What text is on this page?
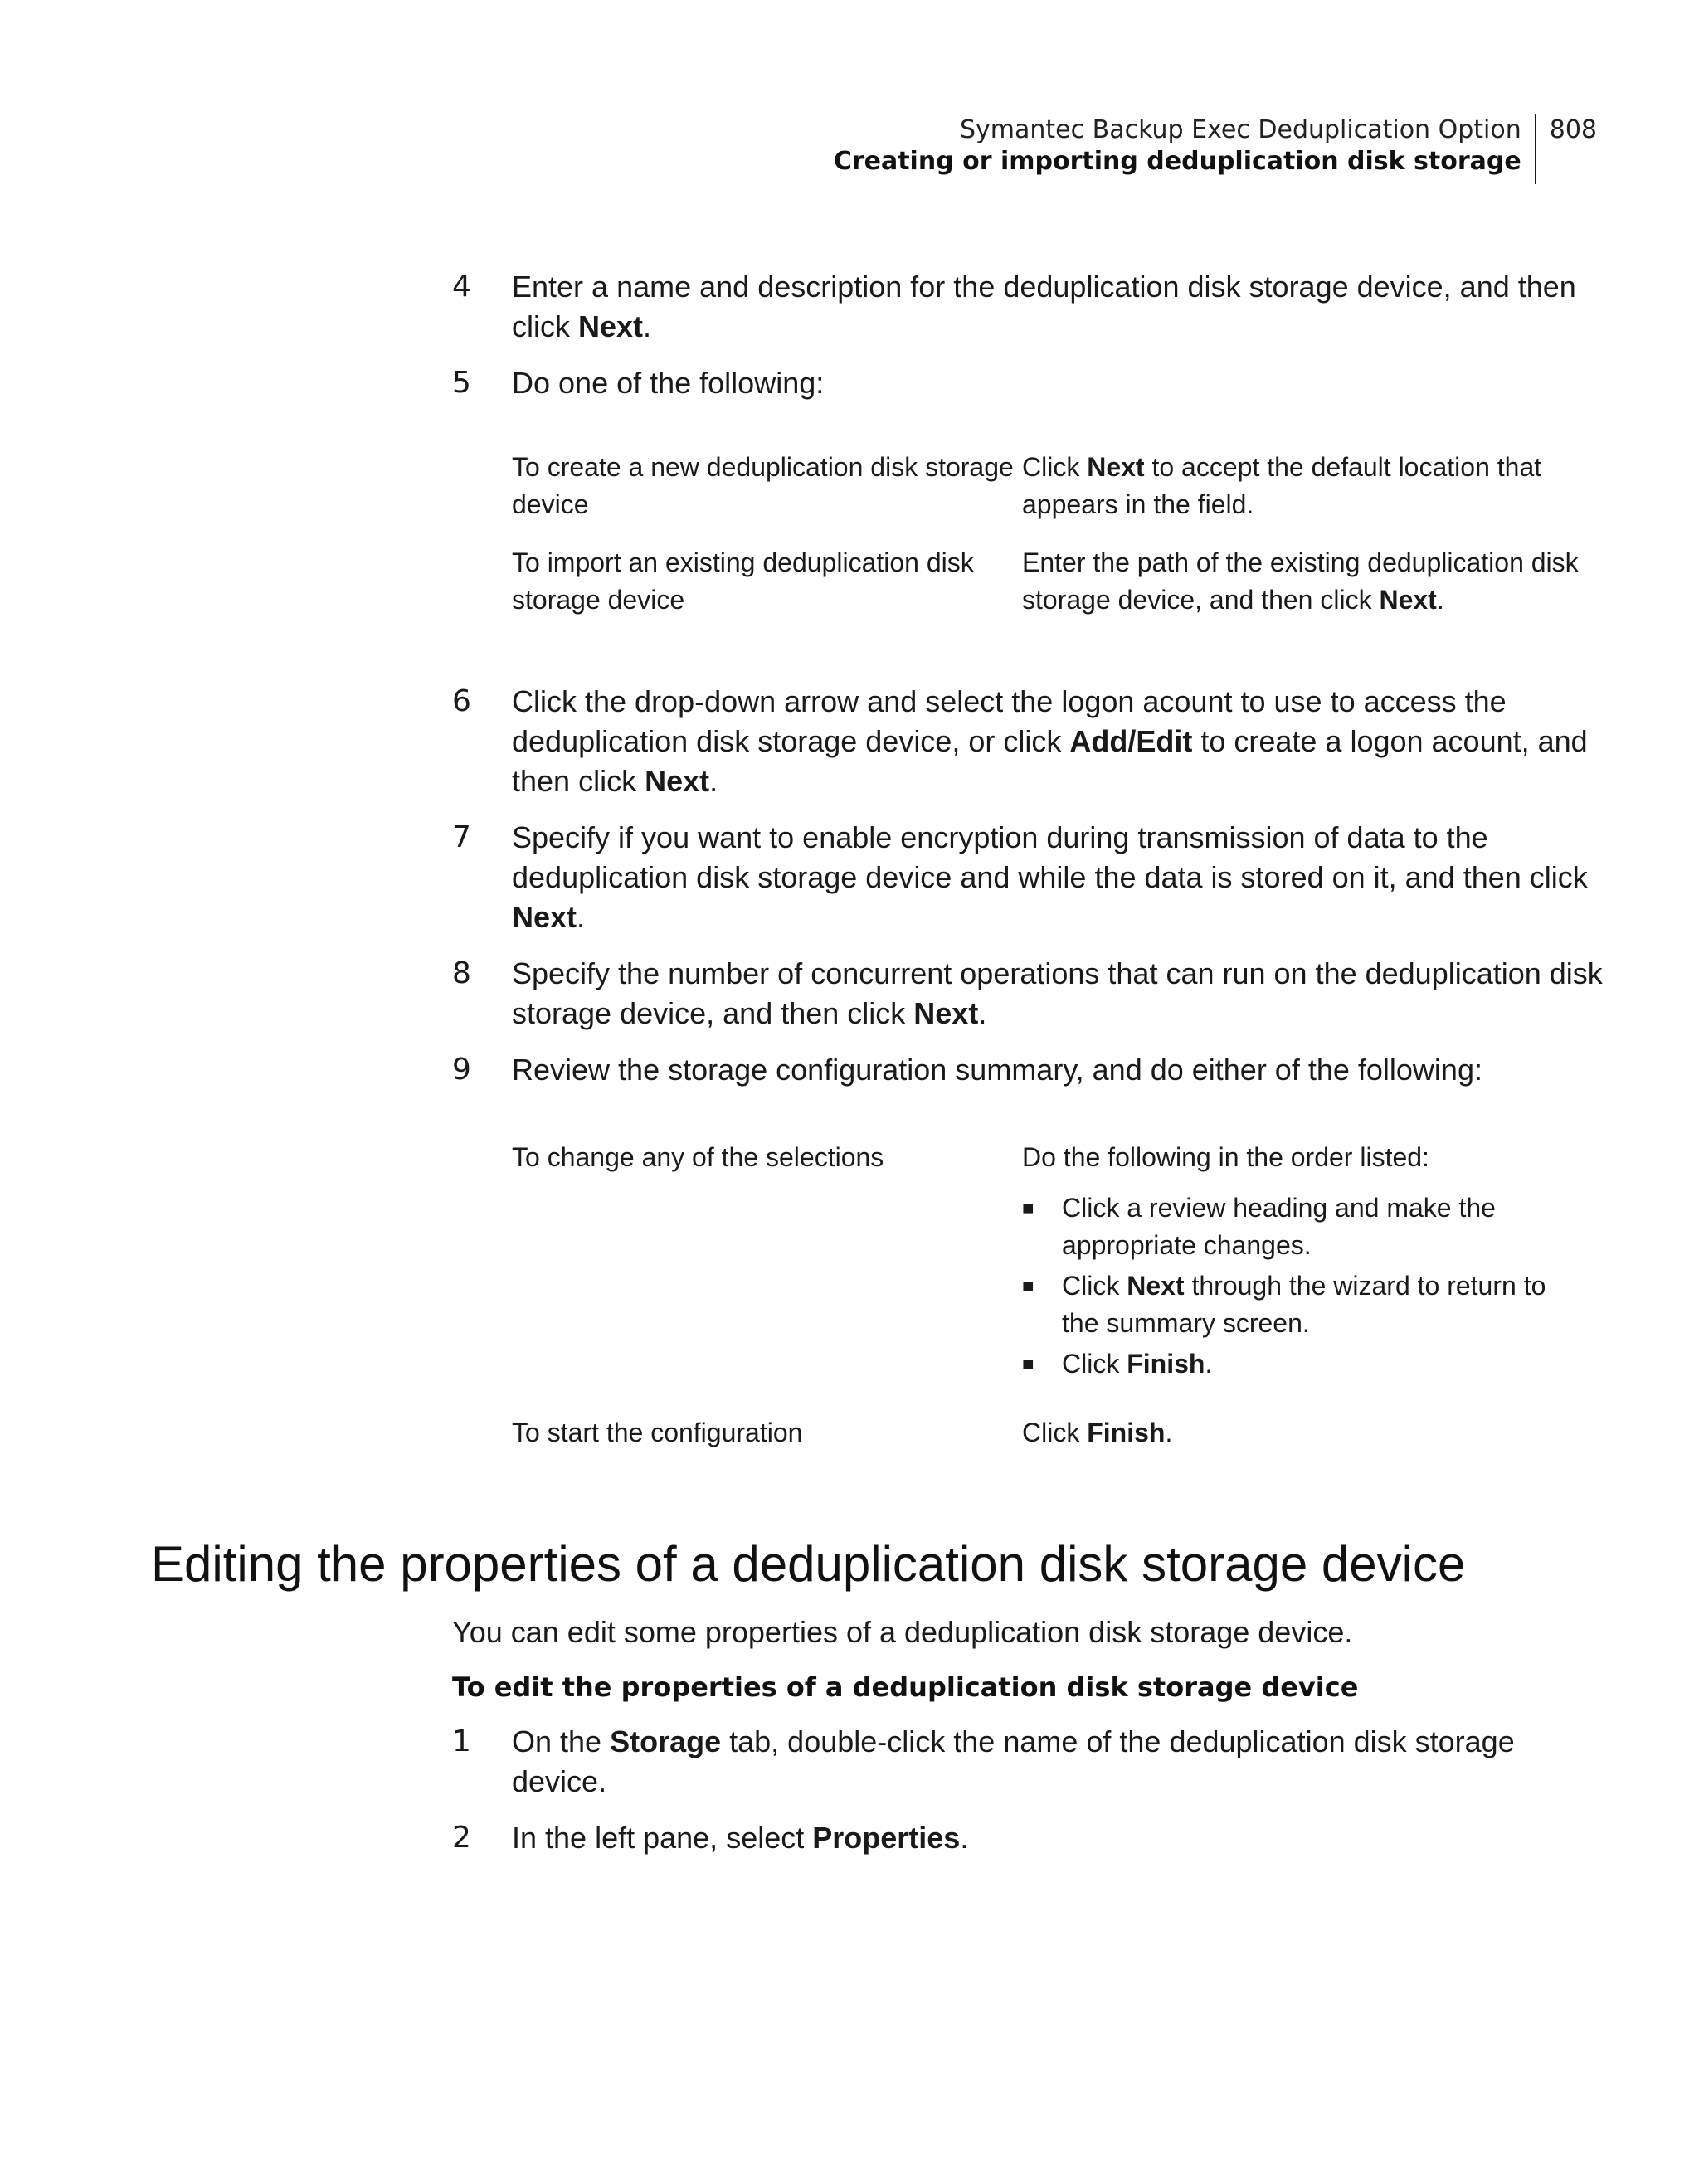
Symantec Backup Exec Deduplication Option
Creating or importing deduplication disk storage
808
4 Enter a name and description for the deduplication disk storage device, and then click Next.
5 Do one of the following:
To create a new deduplication disk storage device
Click Next to accept the default location that appears in the field.
To import an existing deduplication disk storage device
Enter the path of the existing deduplication disk storage device, and then click Next.
6 Click the drop-down arrow and select the logon acount to use to access the deduplication disk storage device, or click Add/Edit to create a logon acount, and then click Next.
7 Specify if you want to enable encryption during transmission of data to the deduplication disk storage device and while the data is stored on it, and then click Next.
8 Specify the number of concurrent operations that can run on the deduplication disk storage device, and then click Next.
9 Review the storage configuration summary, and do either of the following:
To change any of the selections	Do the following in the order listed:
■ Click a review heading and make the appropriate changes.
■ Click Next through the wizard to return to the summary screen.
■ Click Finish.
To start the configuration	Click Finish.
Editing the properties of a deduplication disk storage device
You can edit some properties of a deduplication disk storage device.
To edit the properties of a deduplication disk storage device
1 On the Storage tab, double-click the name of the deduplication disk storage device.
2 In the left pane, select Properties.
